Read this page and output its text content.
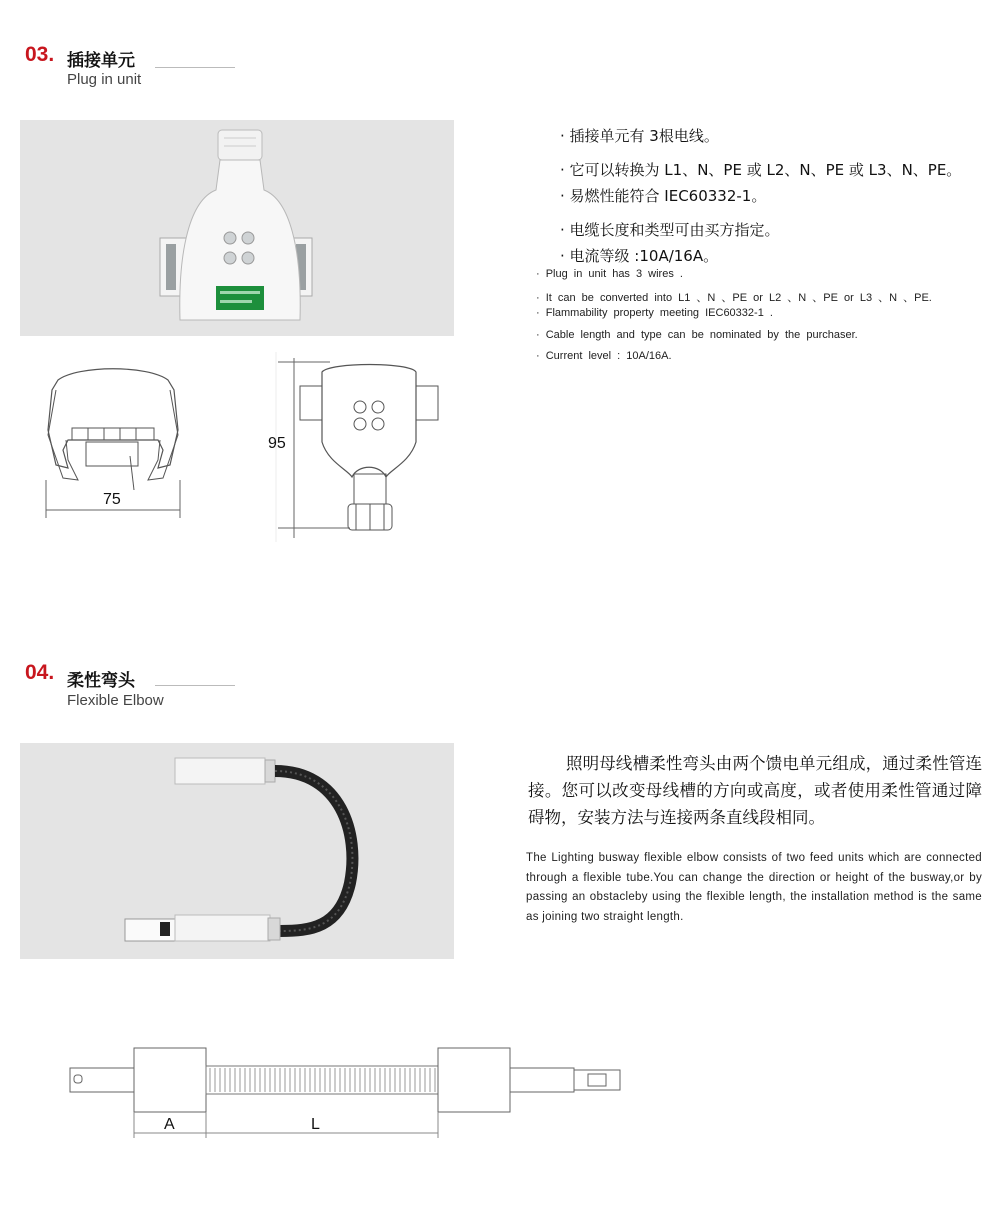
03. 插接单元
Plug in unit
75
95
· 插接单元有 3根电线。
· 它可以转换为 L1、N、PE 或 L2、N、PE 或 L3、N、PE。
· 易燃性能符合 IEC60332-1。
· 电缆长度和类型可由买方指定。
· 电流等级 :10A/16A。
· Plug in unit has 3 wires .
· It can be converted into L1 、N 、PE or L2 、N 、PE or L3 、N 、PE.
· Flammability property meeting IEC60332-1 .
· Cable length and type can be nominated by the purchaser.
· Current level : 10A/16A.
04. 柔性弯头
Flexible Elbow
照明母线槽柔性弯头由两个馈电单元组成，通过柔性管连接。您可以改变母线槽的方向或高度，或者使用柔性管通过障碍物，安装方法与连接两条直线段相同。
The Lighting busway flexible elbow consists of two feed units which are connected through a flexible tube.You can change the direction or height of the busway,or by passing an obstacleby using the flexible length, the installation method is the same as joining two straight length.
A	L
